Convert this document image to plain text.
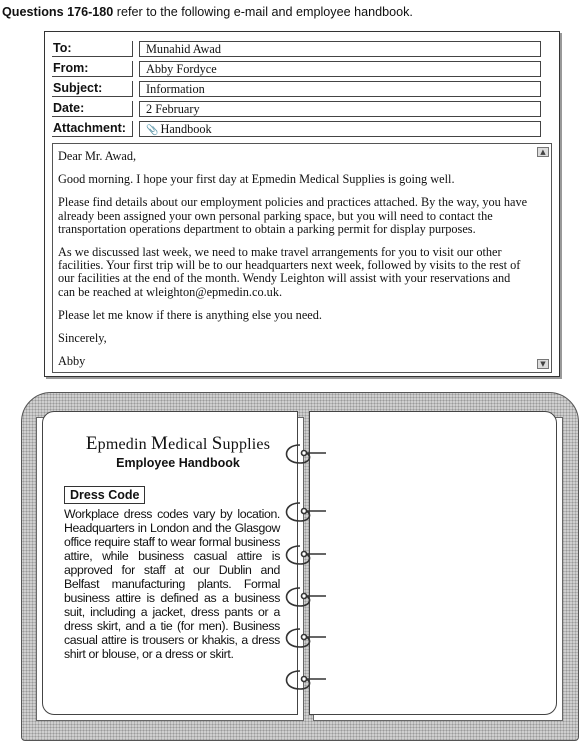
Questions 176-180 refer to the following e-mail and employee handbook.
To:	Munahid Awad
From:	Abby Fordyce
Subject:	Information
Date:	2 February
Attachment:	📎 Handbook
▲

Dear Mr. Awad,

Good morning. I hope your first day at Epmedin Medical Supplies is going well.

Please find details about our employment policies and practices attached. By the way, you have already been assigned your own personal parking space, but you will need to contact the transportation operations department to obtain a parking permit for display purposes.

As we discussed last week, we need to make travel arrangements for you to visit our other facilities. Your first trip will be to our headquarters next week, followed by visits to the rest of our facilities at the end of the month. Wendy Leighton will assist with your reservations and can be reached at wleighton@epmedin.co.uk.

Please let me know if there is anything else you need.

Sincerely,

Abby	▼
Epmedin Medical Supplies
Employee Handbook
Dress Code
Workplace dress codes vary by location. Headquarters in London and the Glasgow office require staff to wear formal business attire, while business casual attire is approved for staff at our Dublin and Belfast manufacturing plants. Formal business attire is defined as a business suit, including a jacket, dress pants or a dress skirt, and a tie (for men). Business casual attire is trousers or khakis, a dress shirt or blouse, or a dress or skirt.
